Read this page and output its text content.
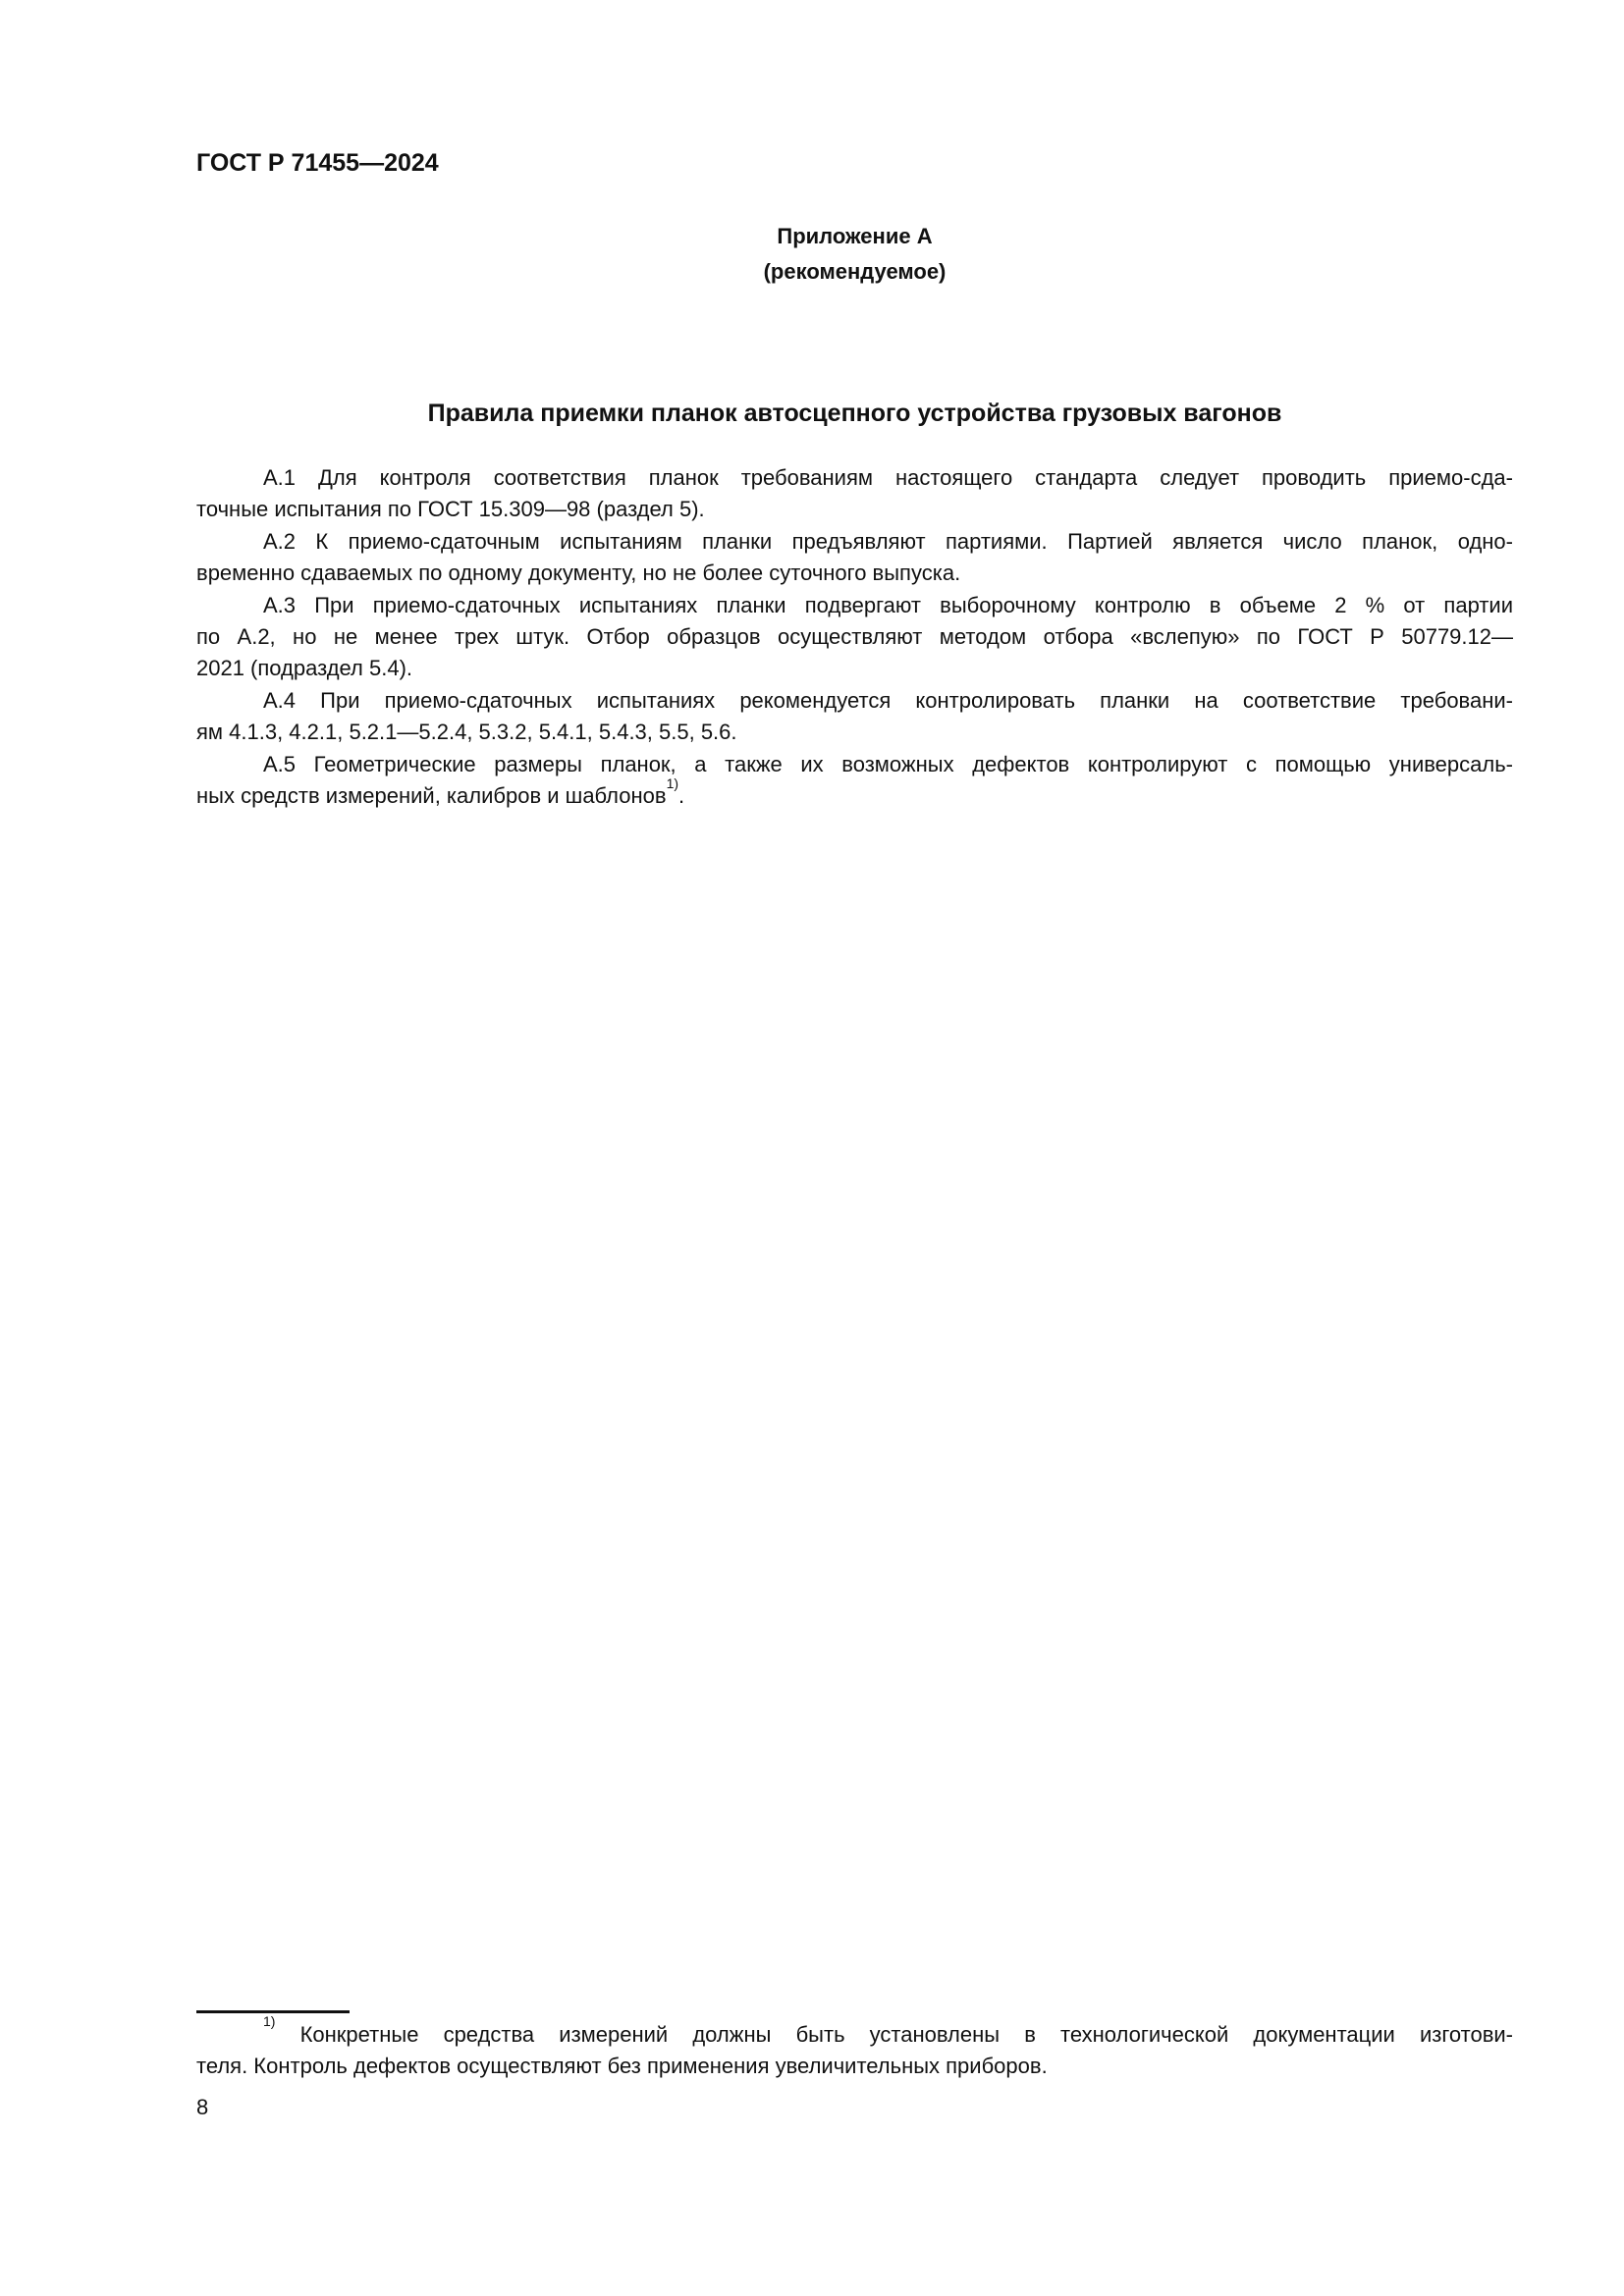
ГОСТ Р 71455—2024
Приложение А
(рекомендуемое)
Правила приемки планок автосцепного устройства грузовых вагонов
А.1 Для контроля соответствия планок требованиям настоящего стандарта следует проводить приемо-сда-
точные испытания по ГОСТ 15.309—98 (раздел 5).
А.2 К приемо-сдаточным испытаниям планки предъявляют партиями. Партией является число планок, одно-
временно сдаваемых по одному документу, но не более суточного выпуска.
А.3 При приемо-сдаточных испытаниях планки подвергают выборочному контролю в объеме 2 % от партии
по А.2, но не менее трех штук. Отбор образцов осуществляют методом отбора «вслепую» по ГОСТ Р 50779.12—
2021 (подраздел 5.4).
А.4 При приемо-сдаточных испытаниях рекомендуется контролировать планки на соответствие требовани-
ям 4.1.3, 4.2.1, 5.2.1—5.2.4, 5.3.2, 5.4.1, 5.4.3, 5.5, 5.6.
А.5 Геометрические размеры планок, а также их возможных дефектов контролируют с помощью универсаль-
ных средств измерений, калибров и шаблонов$^{1)}$.
$^{1)}$ Конкретные средства измерений должны быть установлены в технологической документации изготови-
теля. Контроль дефектов осуществляют без применения увеличительных приборов.
8
